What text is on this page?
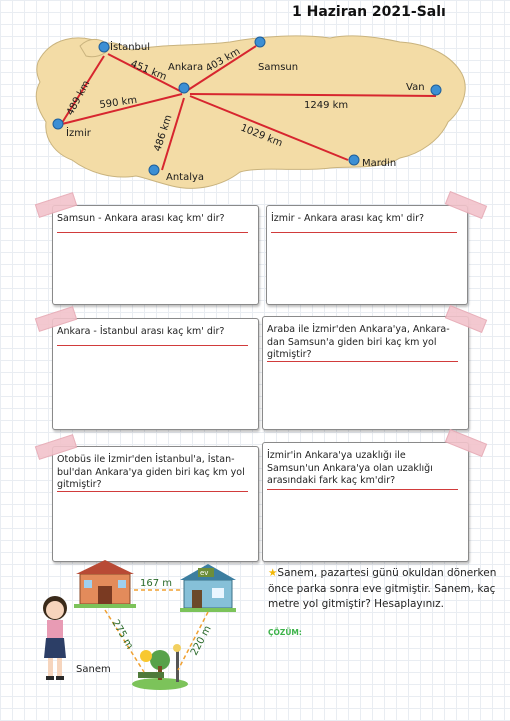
1 Haziran 2021-Salı
İstanbul
Ankara	Samsun
İzmir
Antalya
Van
Mardin
451 km	403 km
489 km 590 km
486 km
1249 km
1029 km
Samsun - Ankara arası kaç km' dir?	İzmir - Ankara arası kaç km' dir?
Ankara - İstanbul arası kaç km' dir?	Araba ile İzmir'den Ankara'ya, Ankara-dan Samsun'a giden biri kaç km yol gitmiştir?
Otobüs ile İzmir'den İstanbul'a, İstan-bul'dan Ankara'ya giden biri kaç km yol gitmiştir?
İzmir'in Ankara'ya uzaklığı ile Samsun'un Ankara'ya olan uzaklığı arasındaki fark kaç km'dir?
★Sanem, pazartesi günü okuldan dönerken önce parka sonra eve gitmiştir. Sanem, kaç metre yol gitmiştir? Hesaplayınız.
ÇÖZÜM:
ev
167 m
275 m	220 m
Sanem
